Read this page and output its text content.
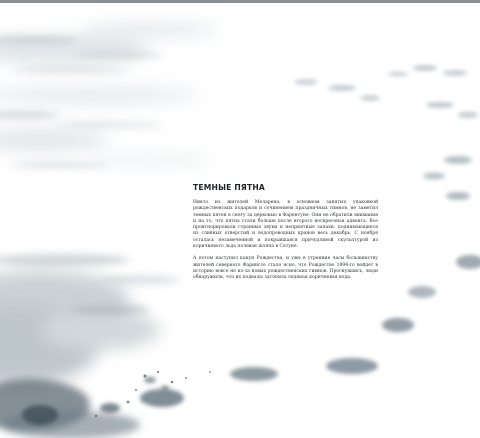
ТЕМНЫЕ ПЯТНА

Никто из жителей Меларена, в основном занятых упаковкой рождественских подарков и сочинением праздничных гимнов, не заметил темных пятен в снегу за церковью в Фарентуне. Они не обратили внимания и на то, что пятна стали больше после второго воскресенья адвента. Все проигнорировали странные звуки и неприятные запахи, поднимающиеся из сливных отверстий и водопроводных кранов весь декабрь. С ноября осталась незамеченной и покрывшаяся причудливой скульптурой из коричневого льда полевая шляпа в Сетуне.

А потом наступил канун Рождества, и уже в утренние часы большинству жителей северного Фарингсе стало ясно, что Рождество 1994-го войдет в историю вовсе не из-за новых рождественских гимнов. Проснувшись, люди обнаружили, что их подвалы затопила ледяная коричневая вода.
